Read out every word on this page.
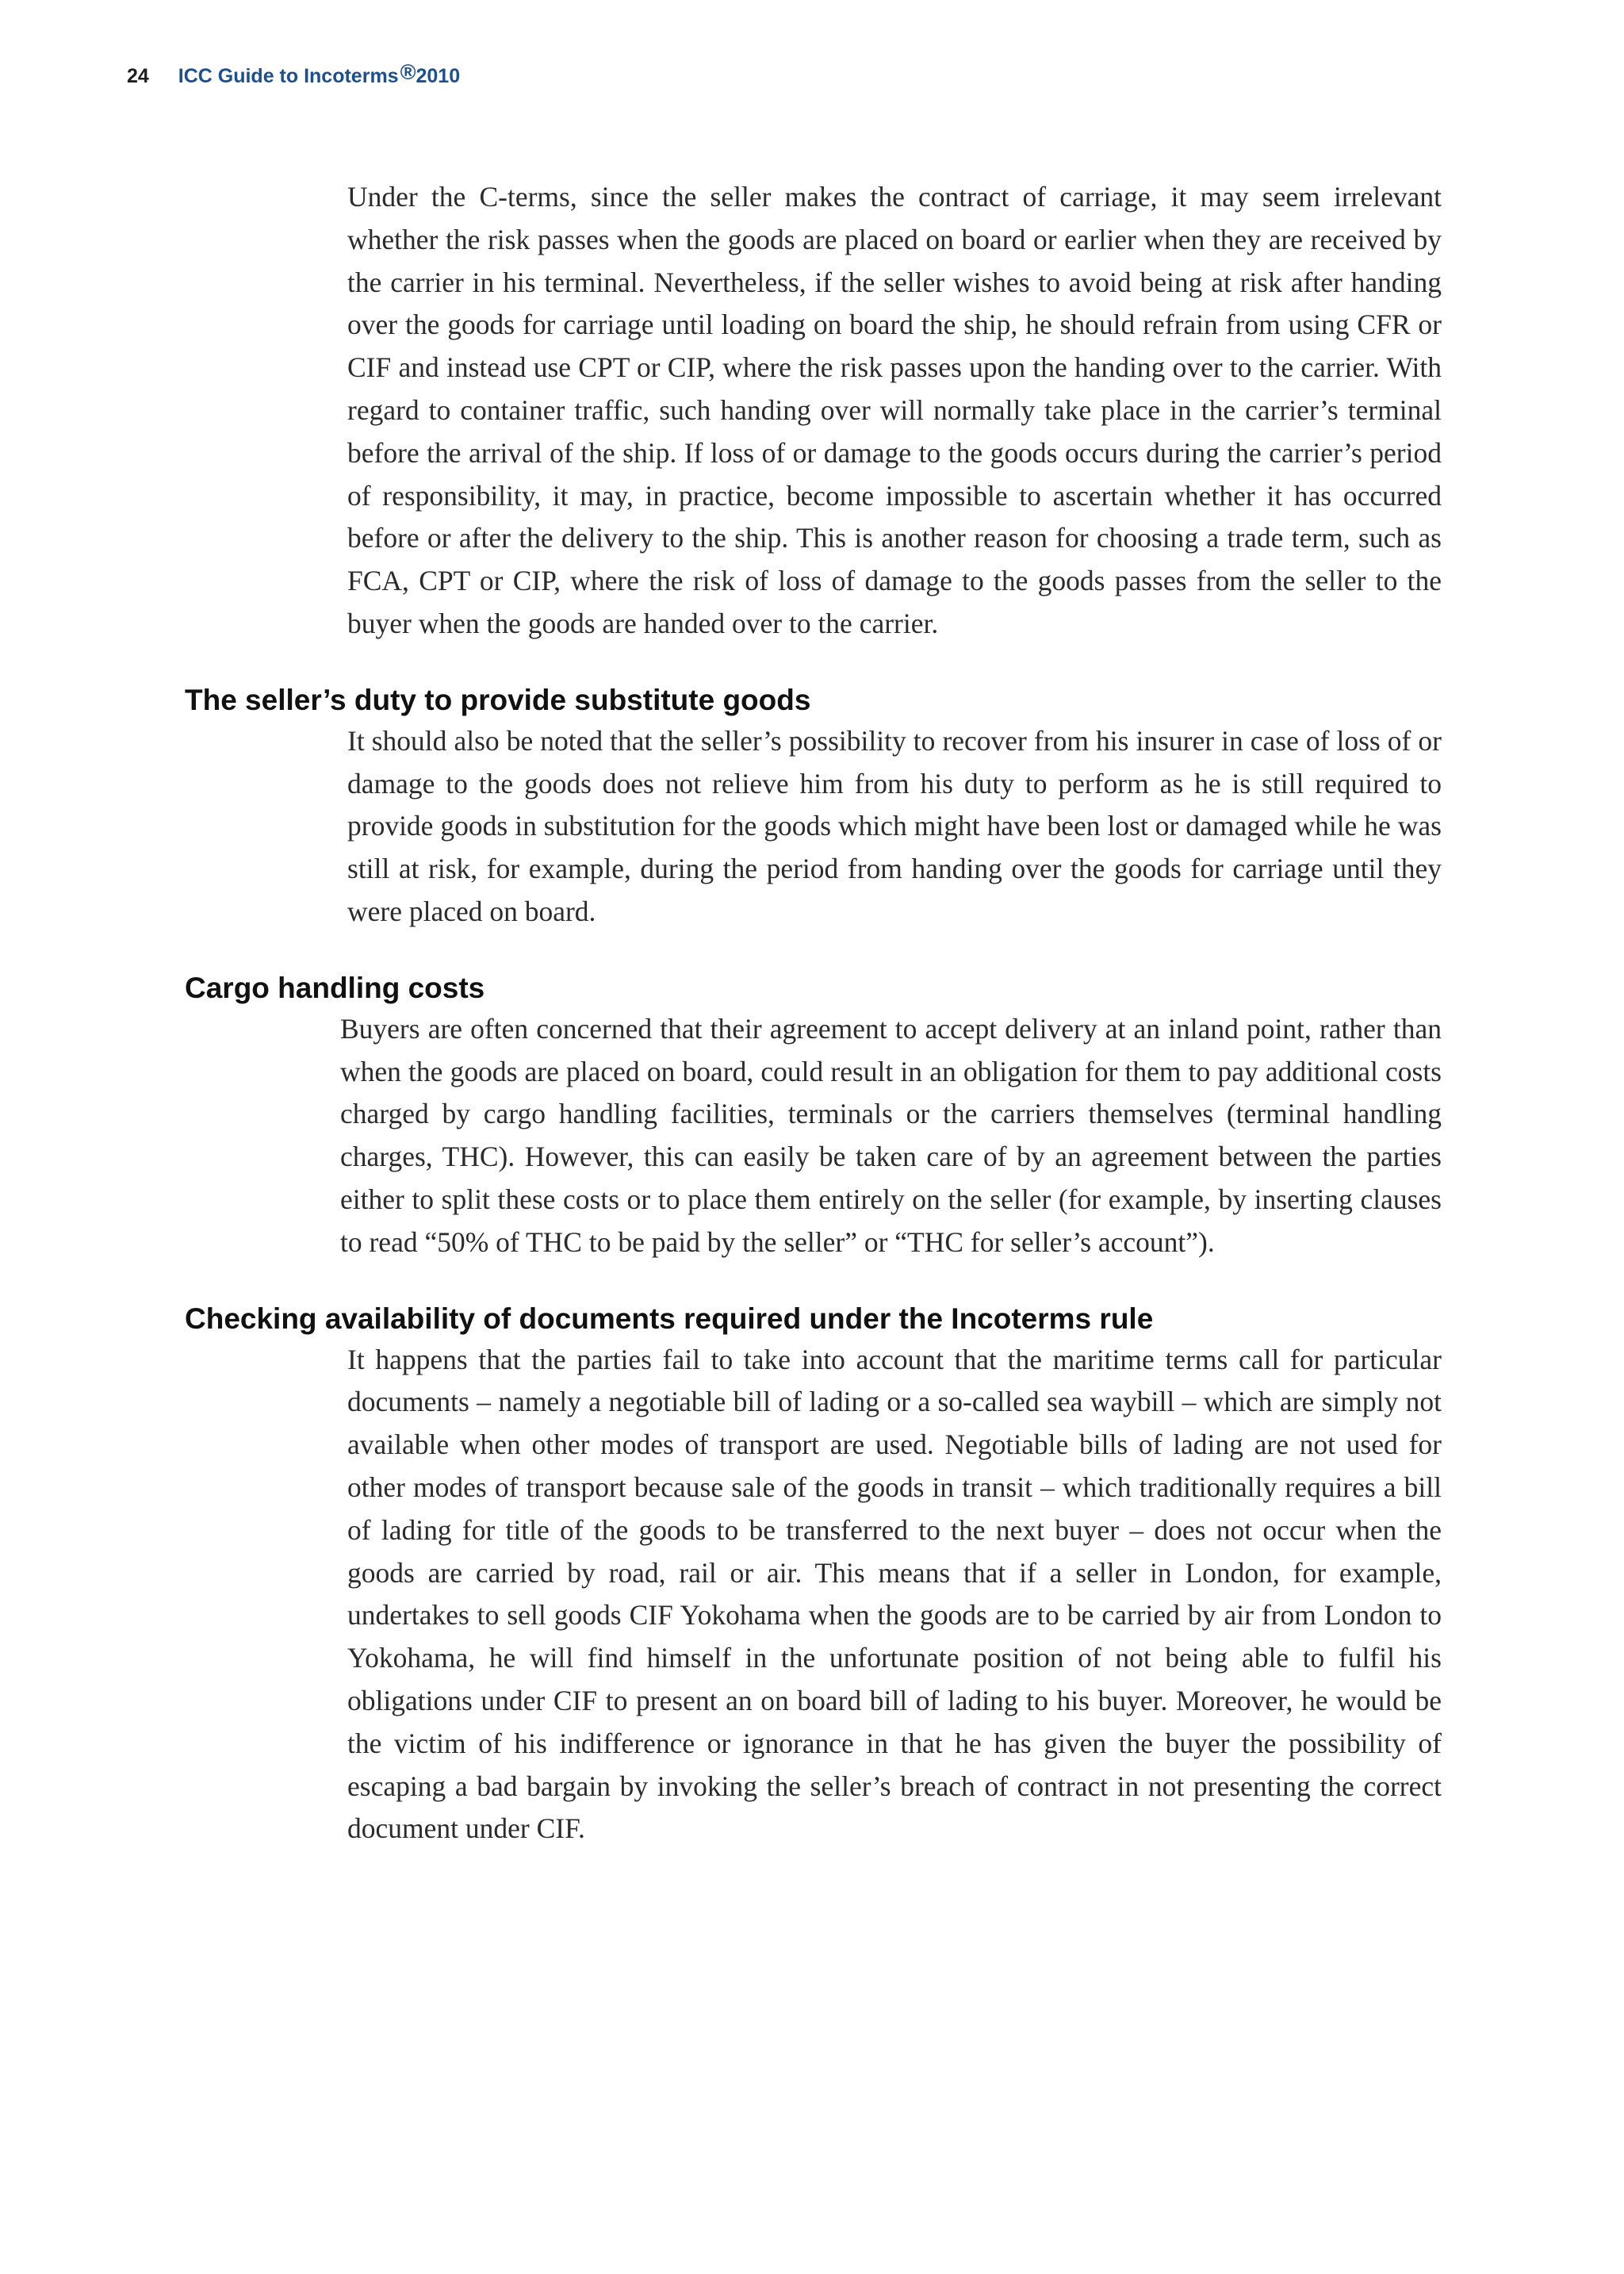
24 ICC Guide to Incoterms®2010

Under the C-terms, since the seller makes the contract of carriage, it may seem irrelevant whether the risk passes when the goods are placed on board or earlier when they are received by the carrier in his terminal. Nevertheless, if the seller wishes to avoid being at risk after handing over the goods for carriage until loading on board the ship, he should refrain from using CFR or CIF and instead use CPT or CIP, where the risk passes upon the handing over to the carrier. With regard to container traffic, such handing over will normally take place in the carrier’s terminal before the arrival of the ship. If loss of or damage to the goods occurs during the carrier’s period of responsibility, it may, in practice, become impossible to ascertain whether it has occurred before or after the delivery to the ship. This is another reason for choosing a trade term, such as FCA, CPT or CIP, where the risk of loss of damage to the goods passes from the seller to the buyer when the goods are handed over to the carrier.

The seller’s duty to provide substitute goods

It should also be noted that the seller’s possibility to recover from his insurer in case of loss of or damage to the goods does not relieve him from his duty to perform as he is still required to provide goods in substitution for the goods which might have been lost or damaged while he was still at risk, for example, during the period from handing over the goods for carriage until they were placed on board.

Cargo handling costs

Buyers are often concerned that their agreement to accept delivery at an inland point, rather than when the goods are placed on board, could result in an obligation for them to pay additional costs charged by cargo handling facilities, terminals or the carriers themselves (terminal handling charges, THC). However, this can easily be taken care of by an agreement between the parties either to split these costs or to place them entirely on the seller (for example, by inserting clauses to read “50% of THC to be paid by the seller” or “THC for seller’s account”).

Checking availability of documents required under the Incoterms rule

It happens that the parties fail to take into account that the maritime terms call for particular documents – namely a negotiable bill of lading or a so-called sea waybill – which are simply not available when other modes of transport are used. Negotiable bills of lading are not used for other modes of transport because sale of the goods in transit – which traditionally requires a bill of lading for title of the goods to be transferred to the next buyer – does not occur when the goods are carried by road, rail or air. This means that if a seller in London, for example, undertakes to sell goods CIF Yokohama when the goods are to be carried by air from London to Yokohama, he will find himself in the unfortunate position of not being able to fulfil his obligations under CIF to present an on board bill of lading to his buyer. Moreover, he would be the victim of his indifference or ignorance in that he has given the buyer the possibility of escaping a bad bargain by invoking the seller’s breach of contract in not presenting the correct document under CIF.
